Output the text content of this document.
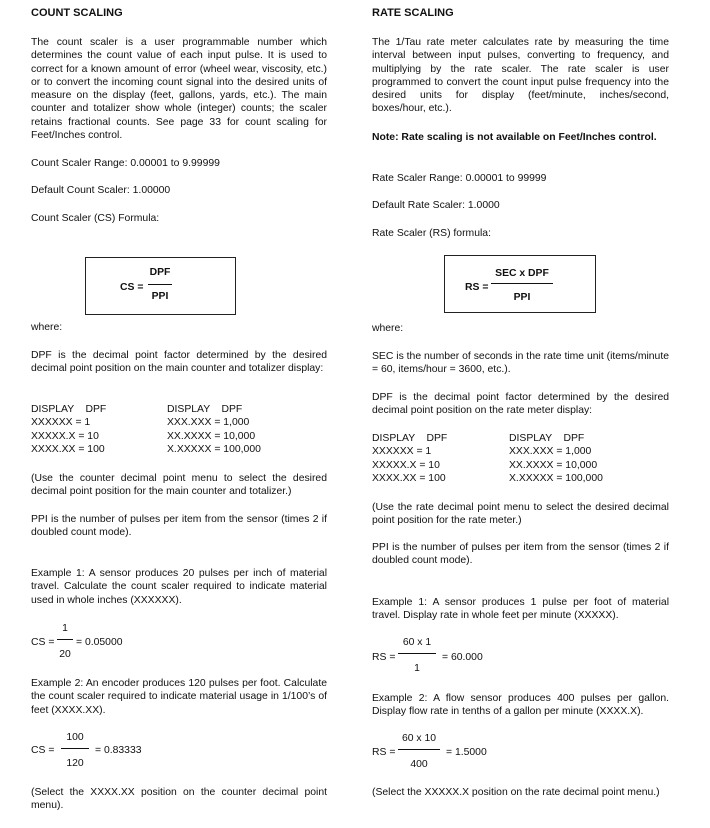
COUNT SCALING
The count scaler is a user programmable number which determines the count value of each input pulse. It is used to correct for a known amount of error (wheel wear, viscosity, etc.) or to convert the incoming count signal into the desired units of measure on the display (feet, gallons, yards, etc.). The main counter and totalizer show whole (integer) counts; the scaler retains fractional counts. See page 33 for count scaling for Feet/Inches control.
Count Scaler Range: 0.00001 to 9.99999
Default Count Scaler: 1.00000
Count Scaler (CS) Formula:
CS =
DPF
PPI
where:
DPF is the decimal point factor determined by the desired decimal point position on the main counter and totalizer display:
DISPLAY    DPF
XXXXXX = 1
XXXXX.X = 10
XXXX.XX = 100
DISPLAY    DPF
XXX.XXX = 1,000
XX.XXXX = 10,000
X.XXXXX = 100,000
(Use the counter decimal point menu to select the desired decimal point position for the main counter and totalizer.)
PPI is the number of pulses per item from the sensor (times 2 if doubled count mode).
Example 1: A sensor produces 20 pulses per inch of material travel. Calculate the count scaler required to indicate material used in whole inches (XXXXXX).
CS = $\frac{1}{20} = 0.05000$
Example 2: An encoder produces 120 pulses per foot. Calculate the count scaler required to indicate material usage in 1/100’s of feet (XXXX.XX).
CS = $\frac{100}{120} = 0.83333$
(Select the XXXX.XX position on the counter decimal point menu).
RATE SCALING
The 1/Tau rate meter calculates rate by measuring the time interval between input pulses, converting to frequency, and multiplying by the rate scaler. The rate scaler is user programmed to convert the count input pulse frequency into the desired units for display (feet/minute, inches/second, boxes/hour, etc.).
Note: Rate scaling is not available on Feet/Inches control.
Rate Scaler Range: 0.00001 to 99999
Default Rate Scaler: 1.0000
Rate Scaler (RS) formula:
RS =
SEC x DPF
PPI
where:
SEC is the number of seconds in the rate time unit (items/minute = 60, items/hour = 3600, etc.).
DPF is the decimal point factor determined by the desired decimal point position on the rate meter display:
DISPLAY    DPF
XXXXXX = 1
XXXXX.X = 10
XXXX.XX = 100
DISPLAY    DPF
XXX.XXX = 1,000
XX.XXXX = 10,000
X.XXXXX = 100,000
(Use the rate decimal point menu to select the desired decimal point position for the rate meter.)
PPI is the number of pulses per item from the sensor (times 2 if doubled count mode).
Example 1: A sensor produces 1 pulse per foot of material travel. Display rate in whole feet per minute (XXXXX).
RS = $\frac{60 x 1}{1} = 60.000$
Example 2: A flow sensor produces 400 pulses per gallon. Display flow rate in tenths of a gallon per minute (XXXX.X).
RS = $\frac{60 x 10}{400} = 1.5000$
(Select the XXXXX.X position on the rate decimal point menu.)
